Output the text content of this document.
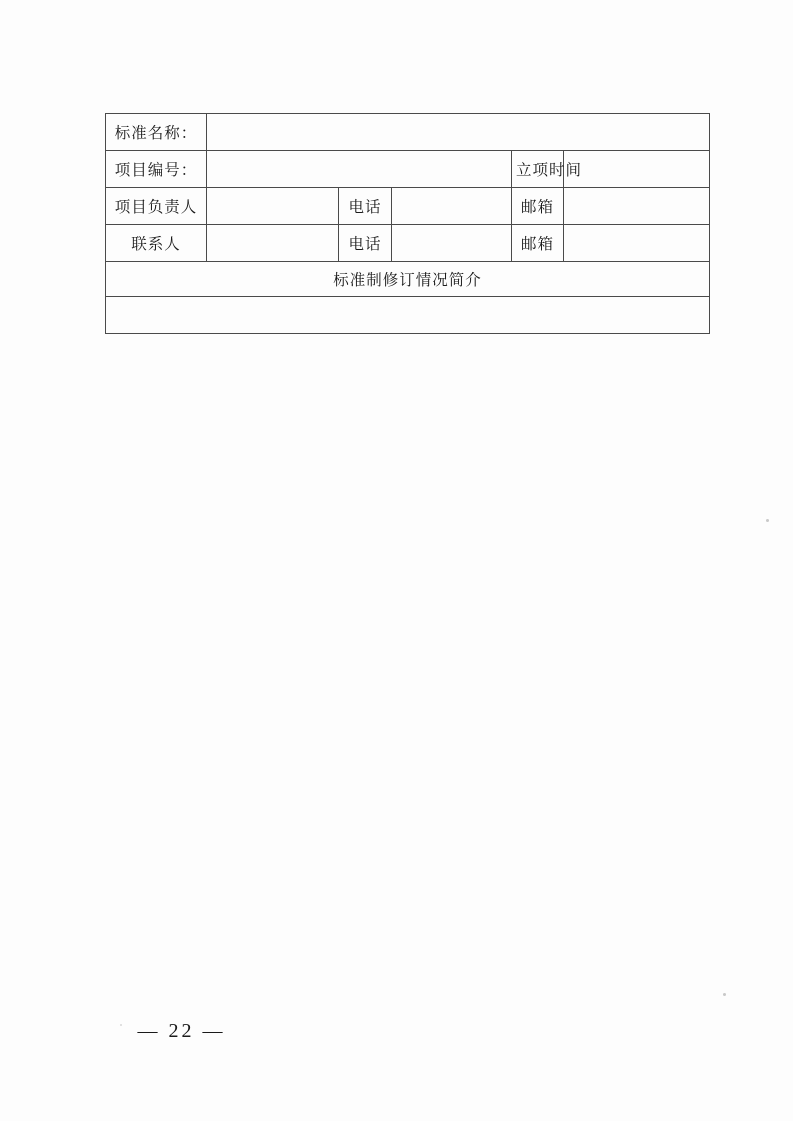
标准名称：					
项目编号：				立项时间	
项目负责人		电话		邮箱	
联系人		电话		邮箱	
标准制修订情况简介					

— 22 —
